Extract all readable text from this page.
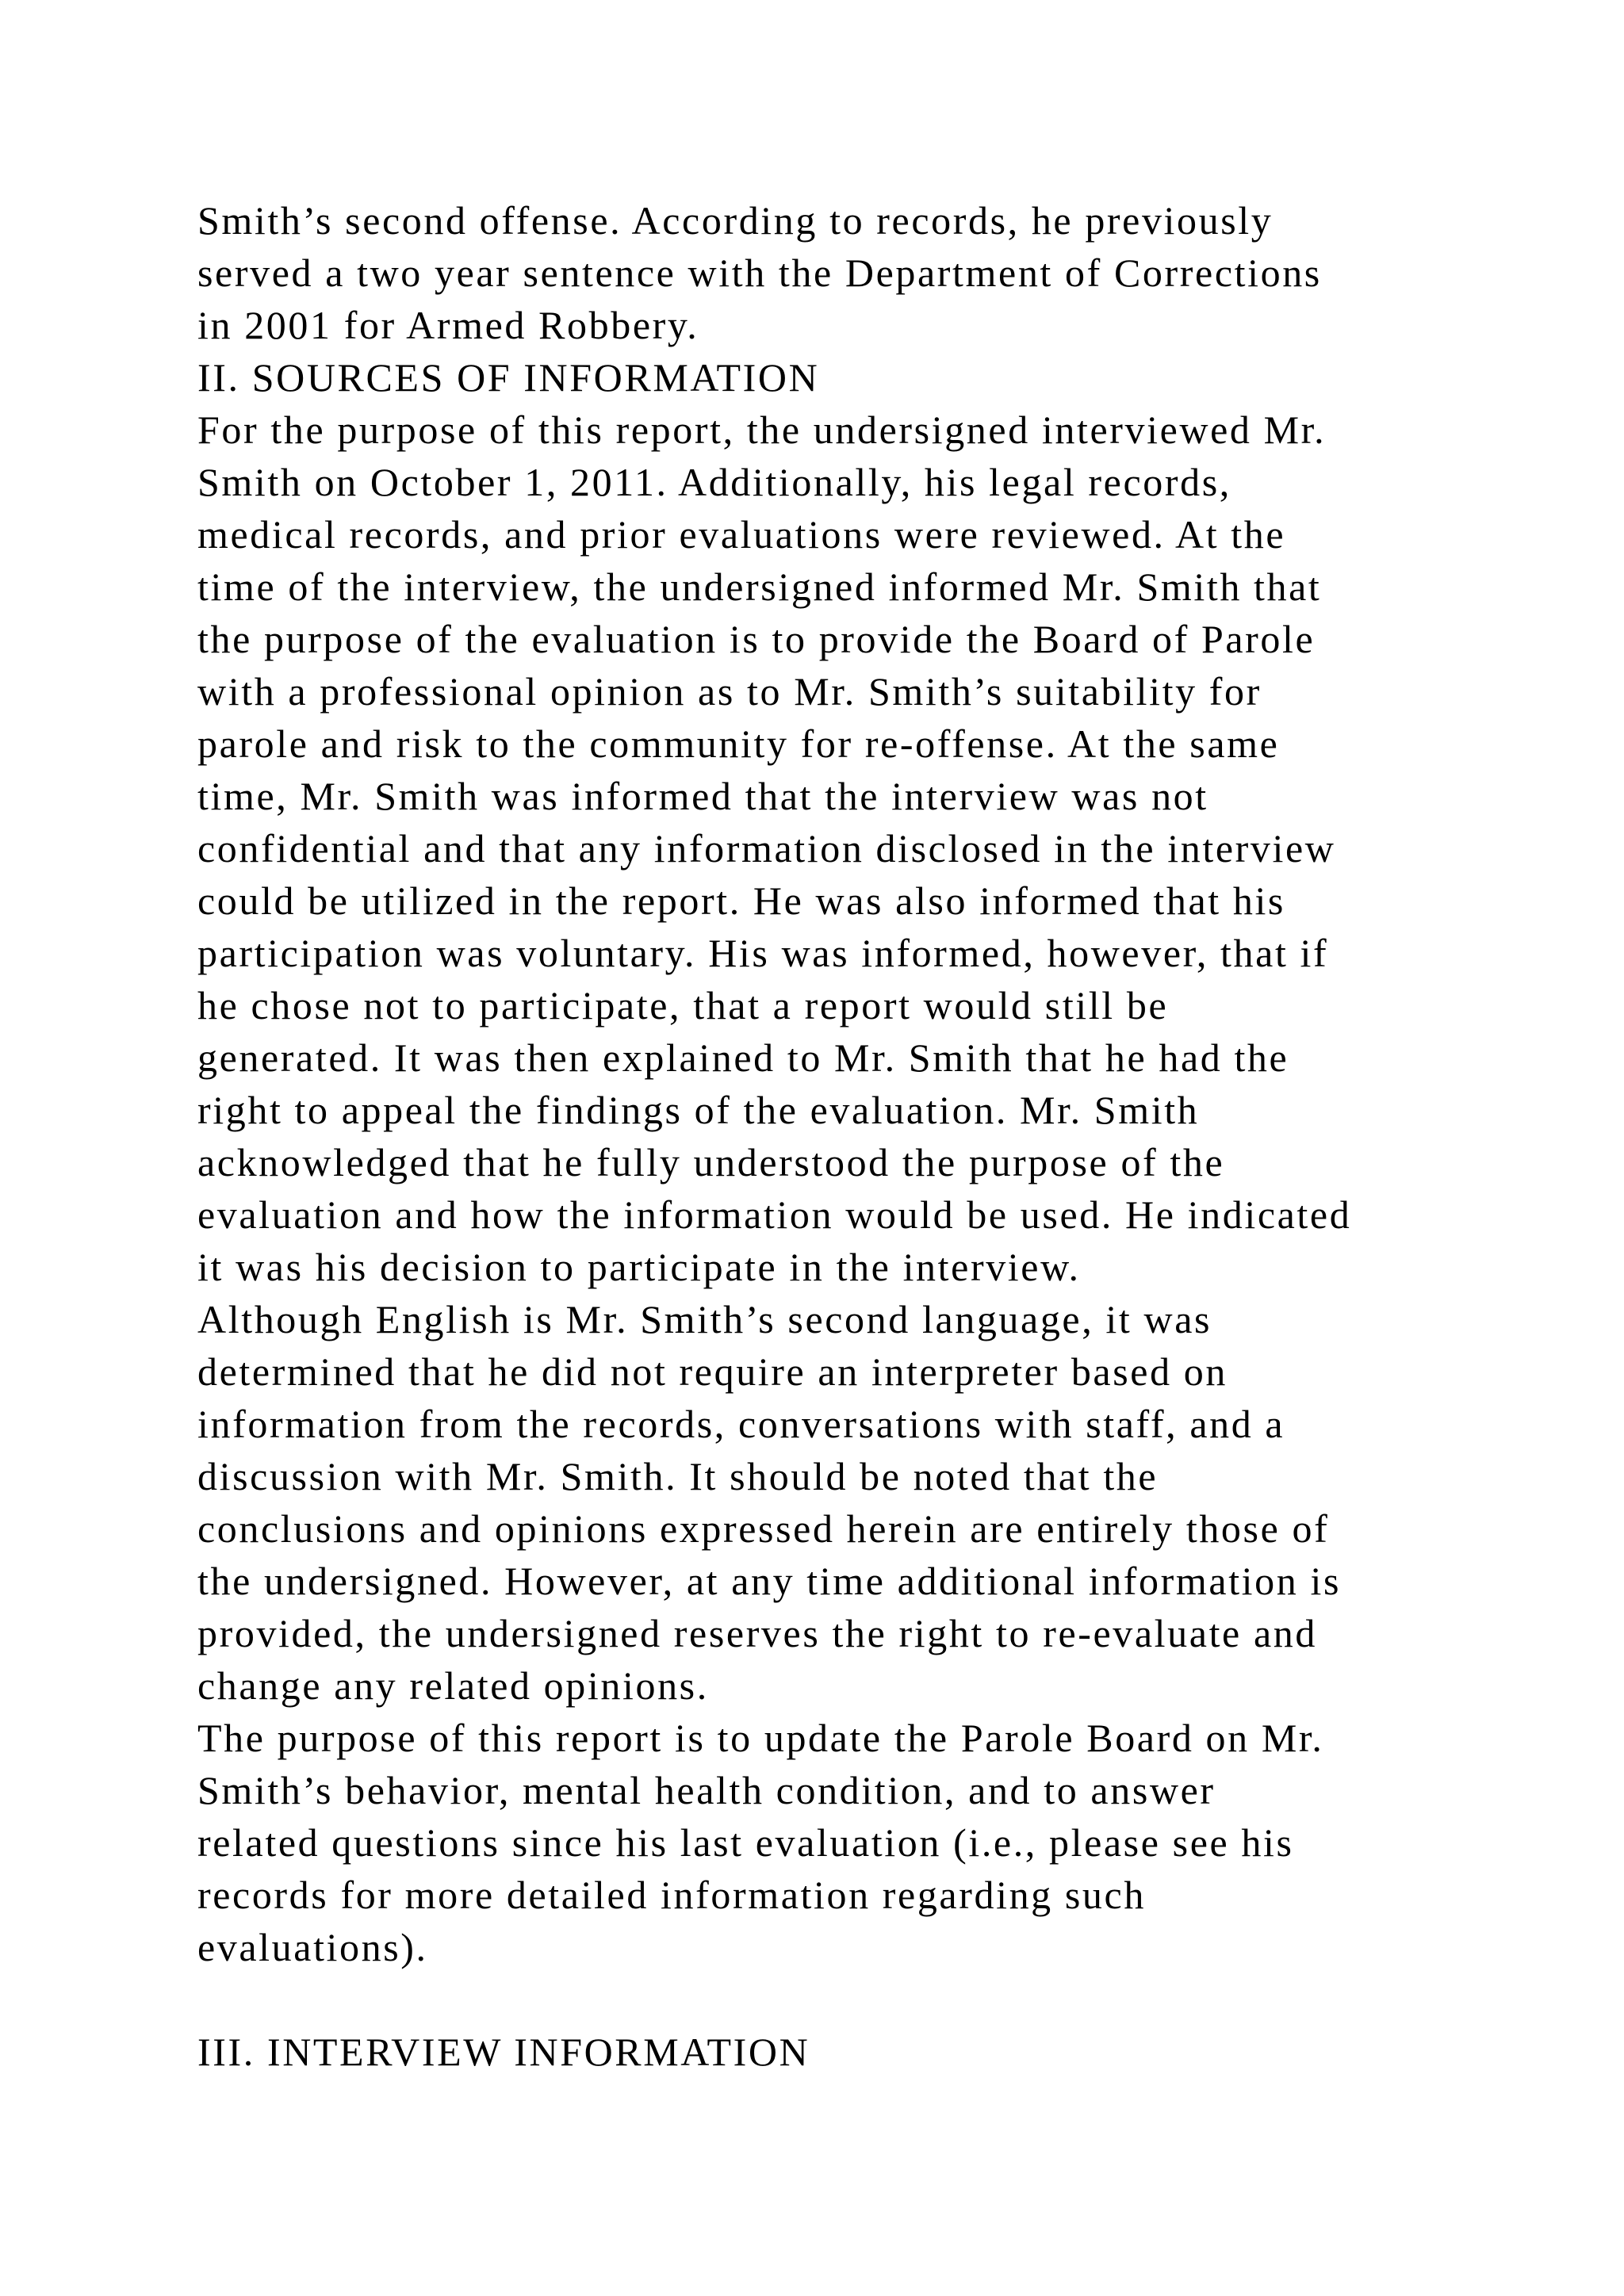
Smith’s second offense. According to records, he previously
served a two year sentence with the Department of Corrections
in 2001 for Armed Robbery.
II. SOURCES OF INFORMATION
For the purpose of this report, the undersigned interviewed Mr.
Smith on October 1, 2011. Additionally, his legal records,
medical records, and prior evaluations were reviewed. At the
time of the interview, the undersigned informed Mr. Smith that
the purpose of the evaluation is to provide the Board of Parole
with a professional opinion as to Mr. Smith’s suitability for
parole and risk to the community for re-offense. At the same
time, Mr. Smith was informed that the interview was not
confidential and that any information disclosed in the interview
could be utilized in the report. He was also informed that his
participation was voluntary. His was informed, however, that if
he chose not to participate, that a report would still be
generated. It was then explained to Mr. Smith that he had the
right to appeal the findings of the evaluation. Mr. Smith
acknowledged that he fully understood the purpose of the
evaluation and how the information would be used. He indicated
it was his decision to participate in the interview.
Although English is Mr. Smith’s second language, it was
determined that he did not require an interpreter based on
information from the records, conversations with staff, and a
discussion with Mr. Smith. It should be noted that the
conclusions and opinions expressed herein are entirely those of
the undersigned. However, at any time additional information is
provided, the undersigned reserves the right to re-evaluate and
change any related opinions.
The purpose of this report is to update the Parole Board on Mr.
Smith’s behavior, mental health condition, and to answer
related questions since his last evaluation (i.e., please see his
records for more detailed information regarding such
evaluations).
III. INTERVIEW INFORMATION
